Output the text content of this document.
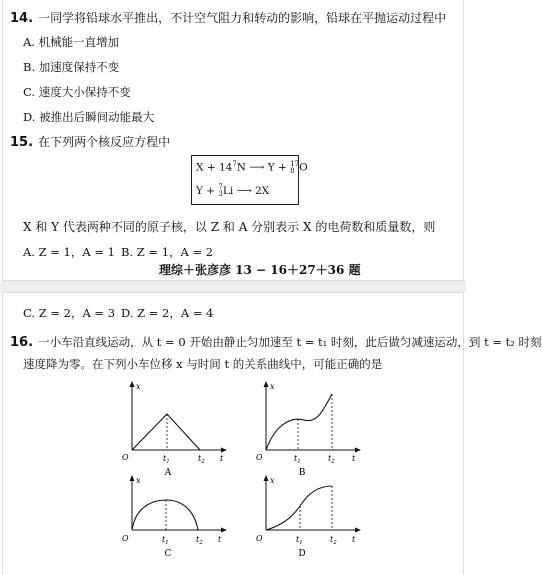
14. 一同学将铅球水平推出，不计空气阻力和转动的影响，铅球在平抛运动过程中
A. 机械能一直增加
B. 加速度保持不变
C. 速度大小保持不变
D. 被推出后瞬间动能最大
15. 在下列两个核反应方程中
$X + 14^7N$ ⟶ Y + 17
8 O
Y + 7
3 Li ⟶ 2X
X 和 Y 代表两种不同的原子核，以 Z 和 A 分别表示 X 的电荷数和质量数，则
A. Z = 1，A = 1 B. Z = 1，A = 2
理综＋张彦彦 13 − 16＋27＋36 题
C. Z = 2，A = 3 D. Z = 2，A = 4
16. 一小车沿直线运动，从 t = 0 开始由静止匀加速至 t = t₁ 时刻，此后做匀减速运动，到 t = t₂ 时刻
速度降为零。在下列小车位移 x 与时间 t 的关系曲线中，可能正确的是
x
O	$t_1$	$t_2$ t
A
x
O	$t_1$	$t_2$ t
B
x
O	$t_1$	$t_2$ t
C
x
O	$t_1$	$t_2$ t
D
